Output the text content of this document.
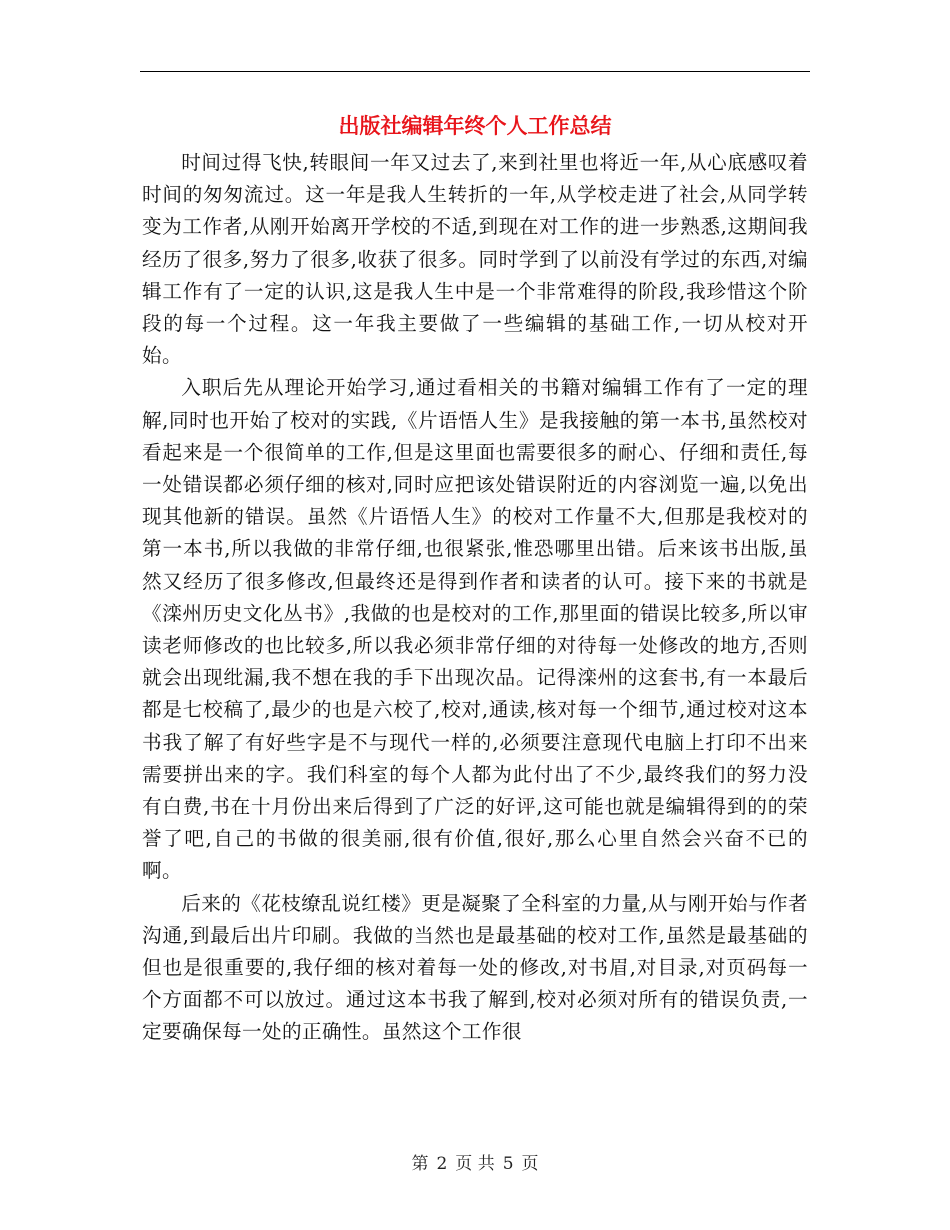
出版社编辑年终个人工作总结

时间过得飞快,转眼间一年又过去了,来到社里也将近一年,从心底感叹着时间的匆匆流过。这一年是我人生转折的一年,从学校走进了社会,从同学转变为工作者,从刚开始离开学校的不适,到现在对工作的进一步熟悉,这期间我经历了很多,努力了很多,收获了很多。同时学到了以前没有学过的东西,对编辑工作有了一定的认识,这是我人生中是一个非常难得的阶段,我珍惜这个阶段的每一个过程。这一年我主要做了一些编辑的基础工作,一切从校对开始。

入职后先从理论开始学习,通过看相关的书籍对编辑工作有了一定的理解,同时也开始了校对的实践,《片语悟人生》是我接触的第一本书,虽然校对看起来是一个很简单的工作,但是这里面也需要很多的耐心、仔细和责任,每一处错误都必须仔细的核对,同时应把该处错误附近的内容浏览一遍,以免出现其他新的错误。虽然《片语悟人生》的校对工作量不大,但那是我校对的第一本书,所以我做的非常仔细,也很紧张,惟恐哪里出错。后来该书出版,虽然又经历了很多修改,但最终还是得到作者和读者的认可。接下来的书就是《滦州历史文化丛书》,我做的也是校对的工作,那里面的错误比较多,所以审读老师修改的也比较多,所以我必须非常仔细的对待每一处修改的地方,否则就会出现纰漏,我不想在我的手下出现次品。记得滦州的这套书,有一本最后都是七校稿了,最少的也是六校了,校对,通读,核对每一个细节,通过校对这本书我了解了有好些字是不与现代一样的,必须要注意现代电脑上打印不出来需要拼出来的字。我们科室的每个人都为此付出了不少,最终我们的努力没有白费,书在十月份出来后得到了广泛的好评,这可能也就是编辑得到的的荣誉了吧,自己的书做的很美丽,很有价值,很好,那么心里自然会兴奋不已的啊。

后来的《花枝缭乱说红楼》更是凝聚了全科室的力量,从与刚开始与作者沟通,到最后出片印刷。我做的当然也是最基础的校对工作,虽然是最基础的但也是很重要的,我仔细的核对着每一处的修改,对书眉,对目录,对页码每一个方面都不可以放过。通过这本书我了解到,校对必须对所有的错误负责,一定要确保每一处的正确性。虽然这个工作很

第 2 页 共 5 页
